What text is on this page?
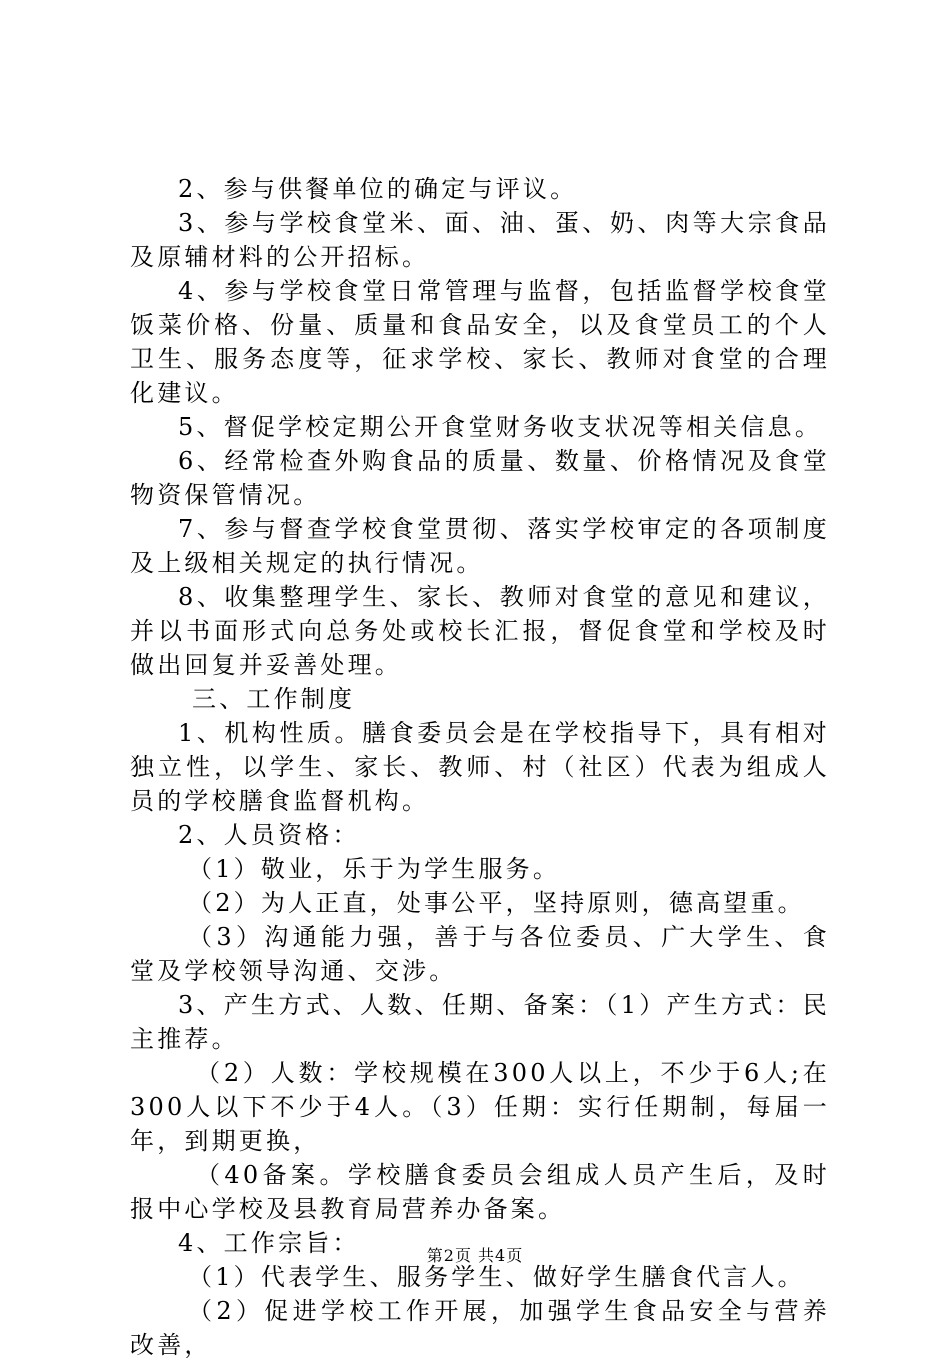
2、参与供餐单位的确定与评议。

3、参与学校食堂米、面、油、蛋、奶、肉等大宗食品及原辅材料的公开招标。

4、参与学校食堂日常管理与监督，包括监督学校食堂饭菜价格、份量、质量和食品安全，以及食堂员工的个人卫生、服务态度等，征求学校、家长、教师对食堂的合理化建议。

5、督促学校定期公开食堂财务收支状况等相关信息。

6、经常检查外购食品的质量、数量、价格情况及食堂物资保管情况。

7、参与督查学校食堂贯彻、落实学校审定的各项制度及上级相关规定的执行情况。

8、收集整理学生、家长、教师对食堂的意见和建议，并以书面形式向总务处或校长汇报，督促食堂和学校及时做出回复并妥善处理。

三、工作制度

1、机构性质。膳食委员会是在学校指导下，具有相对独立性，以学生、家长、教师、村（社区）代表为组成人员的学校膳食监督机构。

2、人员资格：

（1）敬业，乐于为学生服务。

（2）为人正直，处事公平，坚持原则，德高望重。

（3）沟通能力强，善于与各位委员、广大学生、食堂及学校领导沟通、交涉。

3、产生方式、人数、任期、备案：（1）产生方式：民主推荐。

（2）人数：学校规模在300人以上，不少于6人;在300人以下不少于4人。（3）任期：实行任期制，每届一年，到期更换，

（40备案。学校膳食委员会组成人员产生后，及时报中心学校及县教育局营养办备案。

4、工作宗旨：

（1）代表学生、服务学生、做好学生膳食代言人。

（2）促进学校工作开展，加强学生食品安全与营养改善，

第2页 共4页
